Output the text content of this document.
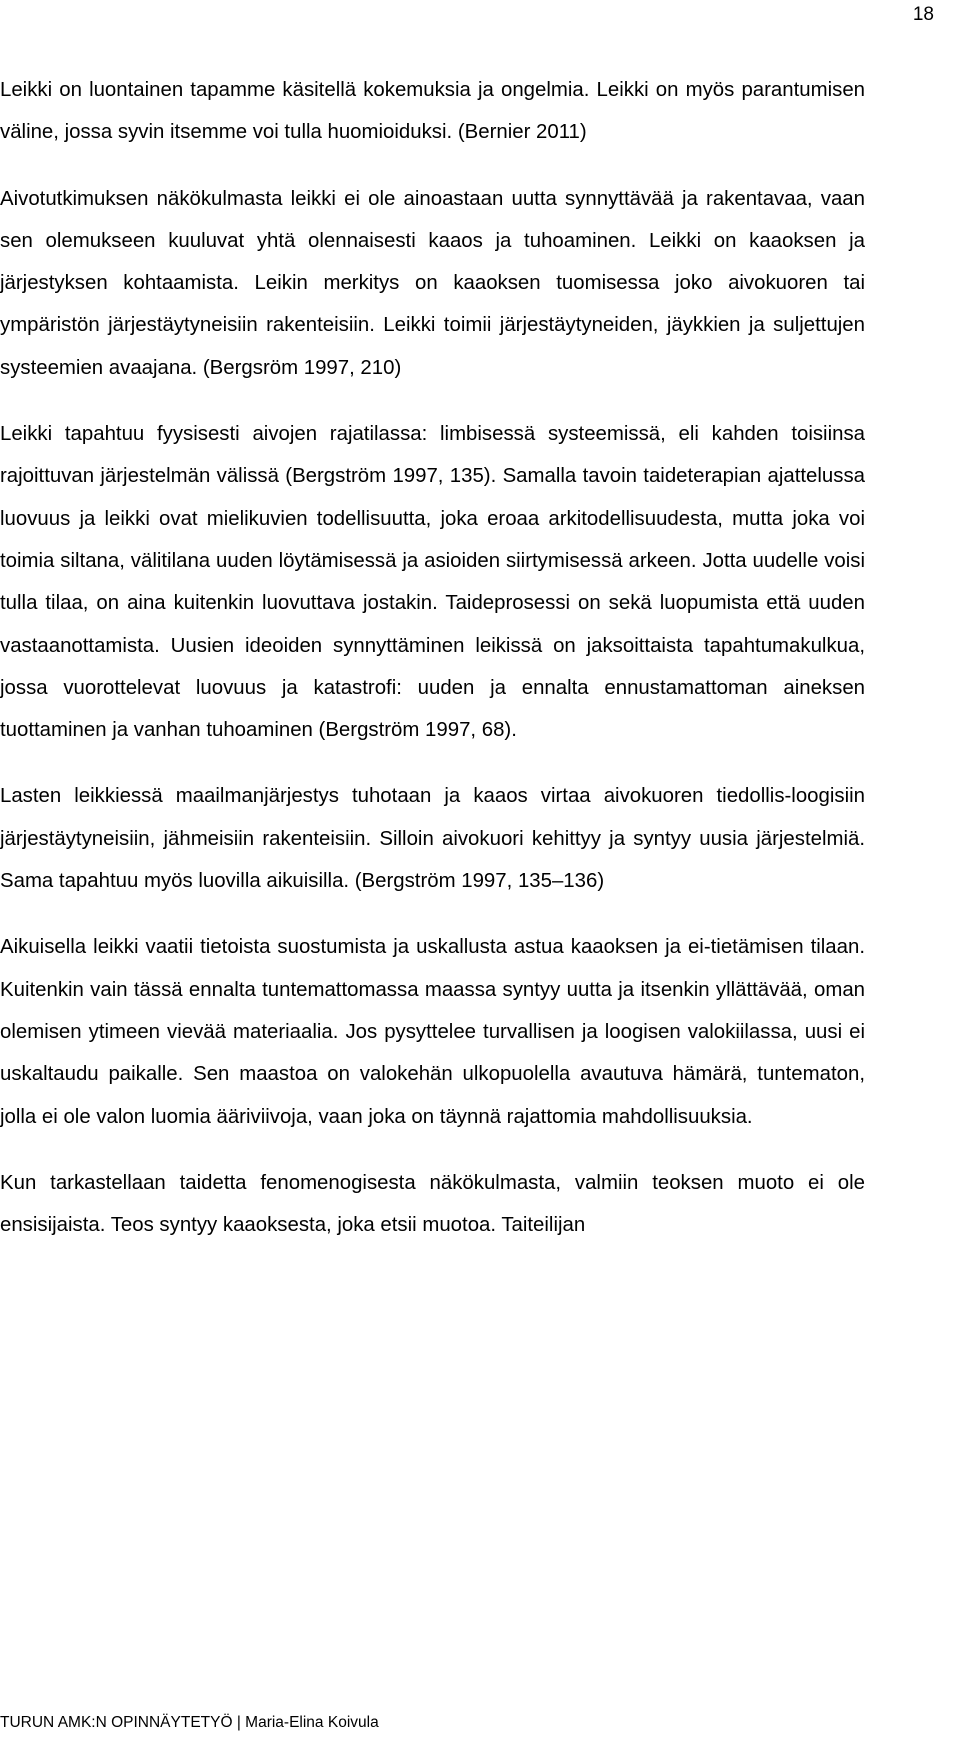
18

Leikki on luontainen tapamme käsitellä kokemuksia ja ongelmia. Leikki on myös parantumisen väline, jossa syvin itsemme voi tulla huomioiduksi. (Bernier 2011)

Aivotutkimuksen näkökulmasta leikki ei ole ainoastaan uutta synnyttävää ja rakentavaa, vaan sen olemukseen kuuluvat yhtä olennaisesti kaaos ja tuhoaminen. Leikki on kaaoksen ja järjestyksen kohtaamista. Leikin merkitys on kaaoksen tuomisessa joko aivokuoren tai ympäristön järjestäytyneisiin rakenteisiin. Leikki toimii järjestäytyneiden, jäykkien ja suljettujen systeemien avaajana. (Bergsröm 1997, 210)

Leikki tapahtuu fyysisesti aivojen rajatilassa: limbisessä systeemissä, eli kahden toisiinsa rajoittuvan järjestelmän välissä (Bergström 1997, 135). Samalla tavoin taideterapian ajattelussa luovuus ja leikki ovat mielikuvien todellisuutta, joka eroaa arkitodellisuudesta, mutta joka voi toimia siltana, välitilana uuden löytämisessä ja asioiden siirtymisessä arkeen. Jotta uudelle voisi tulla tilaa, on aina kuitenkin luovuttava jostakin. Taideprosessi on sekä luopumista että uuden vastaanottamista. Uusien ideoiden synnyttäminen leikissä on jaksoittaista tapahtumakulkua, jossa vuorottelevat luovuus ja katastrofi: uuden ja ennalta ennustamattoman aineksen tuottaminen ja vanhan tuhoaminen (Bergström 1997, 68).

Lasten leikkiessä maailmanjärjestys tuhotaan ja kaaos virtaa aivokuoren tiedollis-loogisiin järjestäytyneisiin, jähmeisiin rakenteisiin. Silloin aivokuori kehittyy ja syntyy uusia järjestelmiä. Sama tapahtuu myös luovilla aikuisilla. (Bergström 1997, 135–136)

Aikuisella leikki vaatii tietoista suostumista ja uskallusta astua kaaoksen ja ei-tietämisen tilaan. Kuitenkin vain tässä ennalta tuntemattomassa maassa syntyy uutta ja itsenkin yllättävää, oman olemisen ytimeen vievää materiaalia. Jos pysyttelee turvallisen ja loogisen valokiilassa, uusi ei uskaltaudu paikalle. Sen maastoa on valokehän ulkopuolella avautuva hämärä, tuntematon, jolla ei ole valon luomia ääriviivoja, vaan joka on täynnä rajattomia mahdollisuuksia.

Kun tarkastellaan taidetta fenomenogisesta näkökulmasta, valmiin teoksen muoto ei ole ensisijaista. Teos syntyy kaaoksesta, joka etsii muotoa. Taiteilijan

TURUN AMK:N OPINNÄYTETYÖ | Maria-Elina Koivula
